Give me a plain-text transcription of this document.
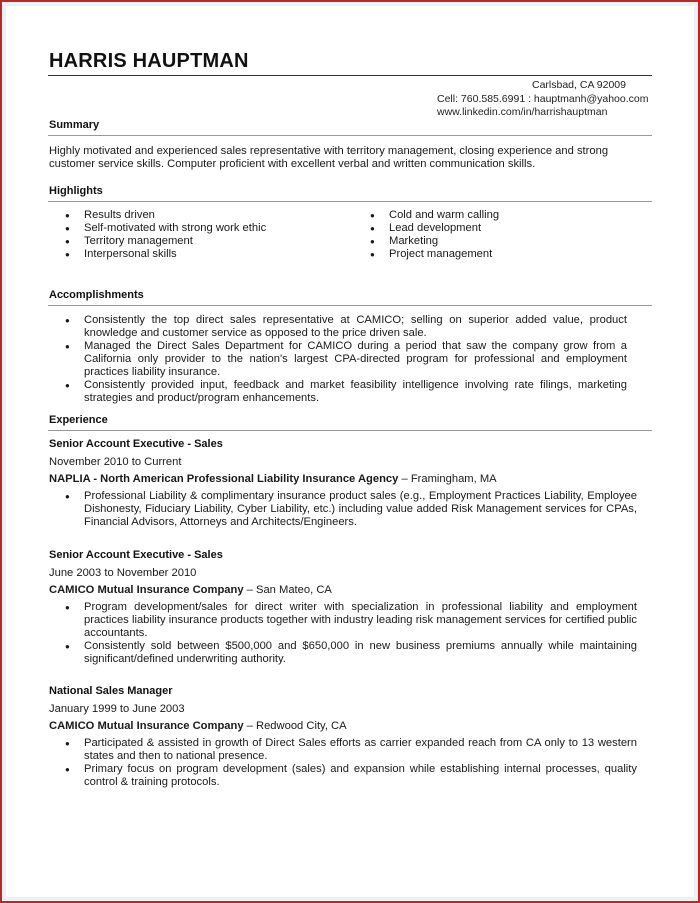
HARRIS HAUPTMAN
Carlsbad, CA 92009
Cell: 760.585.6991 : hauptmanh@yahoo.com
www.linkedin.com/in/harrishauptman
Summary
Highly motivated and experienced sales representative with territory management, closing experience and strong customer service skills. Computer proficient with excellent verbal and written communication skills.
Highlights
● Results driven
● Self-motivated with strong work ethic
● Territory management
● Interpersonal skills
● Cold and warm calling
● Lead development
● Marketing
● Project management
Accomplishments
● Consistently the top direct sales representative at CAMICO; selling on superior added value, product knowledge and customer service as opposed to the price driven sale.
● Managed the Direct Sales Department for CAMICO during a period that saw the company grow from a California only provider to the nation's largest CPA-directed program for professional and employment practices liability insurance.
● Consistently provided input, feedback and market feasibility intelligence involving rate filings, marketing strategies and product/program enhancements.
Experience
Senior Account Executive - Sales
November 2010 to Current
NAPLIA - North American Professional Liability Insurance Agency – Framingham, MA
● Professional Liability & complimentary insurance product sales (e.g., Employment Practices Liability, Employee Dishonesty, Fiduciary Liability, Cyber Liability, etc.) including value added Risk Management services for CPAs, Financial Advisors, Attorneys and Architects/Engineers.
Senior Account Executive - Sales
June 2003 to November 2010
CAMICO Mutual Insurance Company – San Mateo, CA
● Program development/sales for direct writer with specialization in professional liability and employment practices liability insurance products together with industry leading risk management services for certified public accountants.
● Consistently sold between $500,000 and $650,000 in new business premiums annually while maintaining significant/defined underwriting authority.
National Sales Manager
January 1999 to June 2003
CAMICO Mutual Insurance Company – Redwood City, CA
● Participated & assisted in growth of Direct Sales efforts as carrier expanded reach from CA only to 13 western states and then to national presence.
● Primary focus on program development (sales) and expansion while establishing internal processes, quality control & training protocols.
